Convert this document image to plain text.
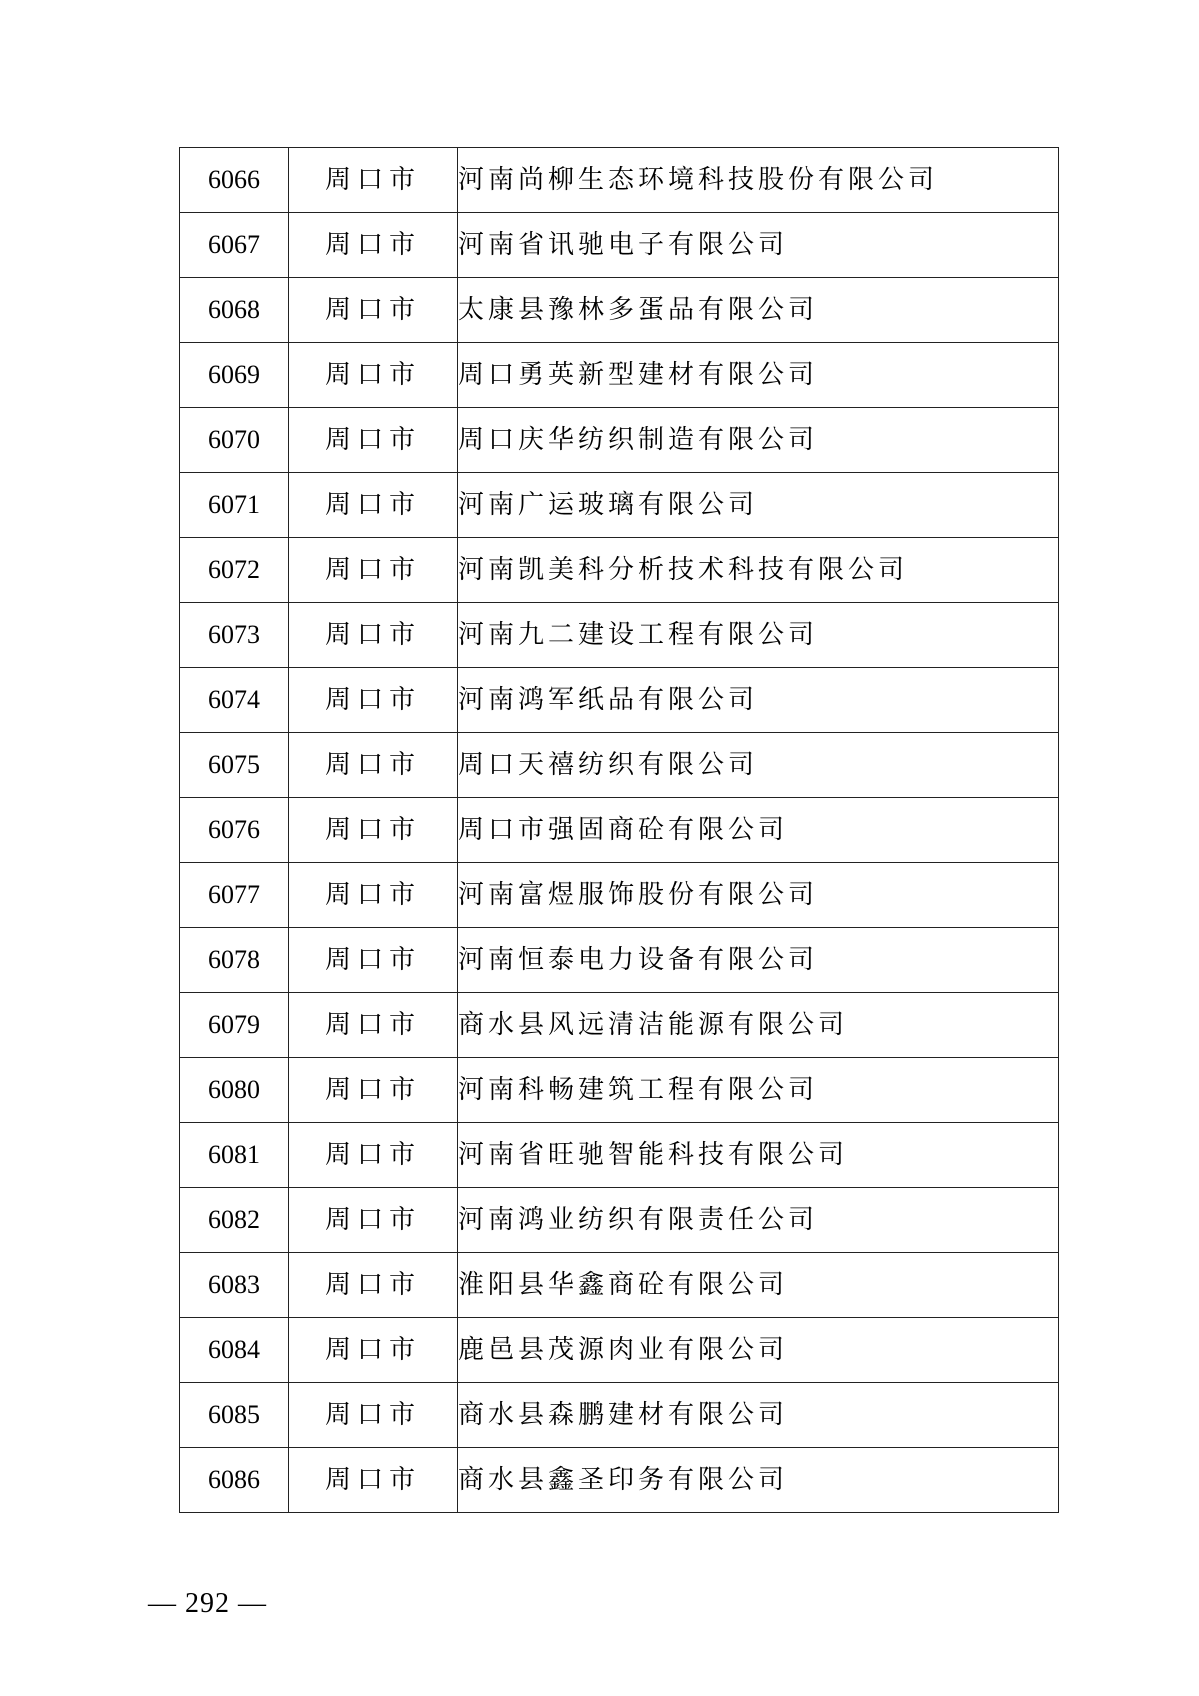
6066	周口市	河南尚柳生态环境科技股份有限公司
6067	周口市	河南省讯驰电子有限公司
6068	周口市	太康县豫林多蛋品有限公司
6069	周口市	周口勇英新型建材有限公司
6070	周口市	周口庆华纺织制造有限公司
6071	周口市	河南广运玻璃有限公司
6072	周口市	河南凯美科分析技术科技有限公司
6073	周口市	河南九二建设工程有限公司
6074	周口市	河南鸿军纸品有限公司
6075	周口市	周口天禧纺织有限公司
6076	周口市	周口市强固商砼有限公司
6077	周口市	河南富煜服饰股份有限公司
6078	周口市	河南恒泰电力设备有限公司
6079	周口市	商水县风远清洁能源有限公司
6080	周口市	河南科畅建筑工程有限公司
6081	周口市	河南省旺驰智能科技有限公司
6082	周口市	河南鸿业纺织有限责任公司
6083	周口市	淮阳县华鑫商砼有限公司
6084	周口市	鹿邑县茂源肉业有限公司
6085	周口市	商水县森鹏建材有限公司
6086	周口市	商水县鑫圣印务有限公司
— 292 —
